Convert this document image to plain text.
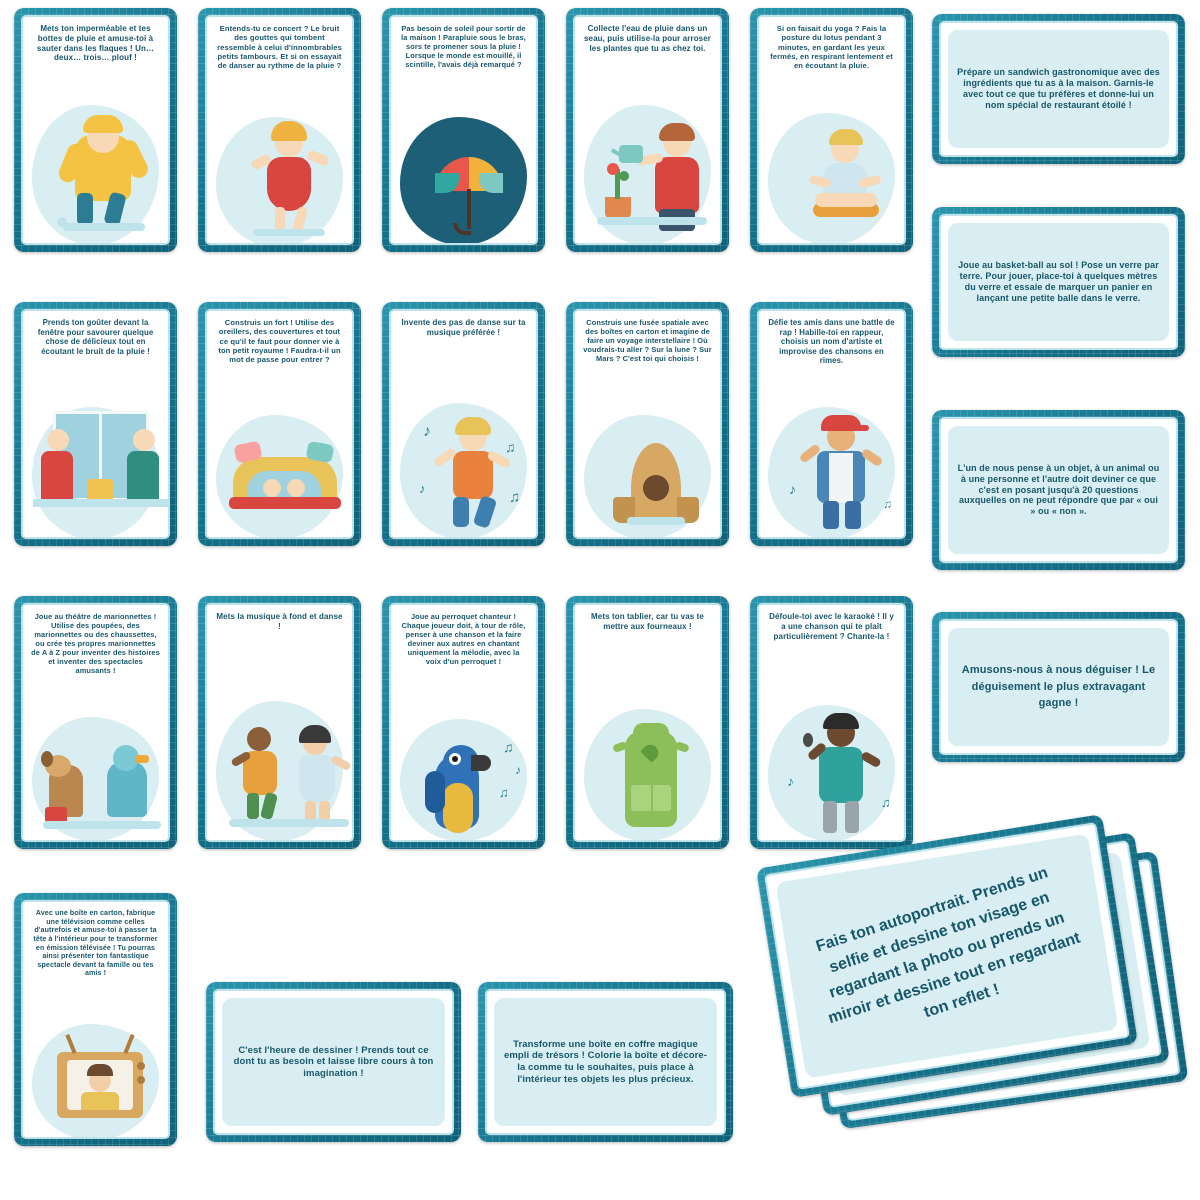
Mets ton imperméable et tes bottes de pluie et amuse-toi à sauter dans les flaques ! Un… deux… trois… plouf !
Entends-tu ce concert ? Le bruit des gouttes qui tombent ressemble à celui d'innombrables petits tambours. Et si on essayait de danser au rythme de la pluie ?
Pas besoin de soleil pour sortir de la maison ! Parapluie sous le bras, sors te promener sous la pluie ! Lorsque le monde est mouillé, il scintille, l'avais déjà remarqué ?
Collecte l'eau de pluie dans un seau, puis utilise-la pour arroser les plantes que tu as chez toi.
Si on faisait du yoga ? Fais la posture du lotus pendant 3 minutes, en gardant les yeux fermés, en respirant lentement et en écoutant la pluie.
Prépare un sandwich gastronomique avec des ingrédients que tu as à la maison. Garnis-le avec tout ce que tu préfères et donne-lui un nom spécial de restaurant étoilé !
Prends ton goûter devant la fenêtre pour savourer quelque chose de délicieux tout en écoutant le bruit de la pluie !
Construis un fort ! Utilise des oreillers, des couvertures et tout ce qu'il te faut pour donner vie à ton petit royaume ! Faudra-t-il un mot de passe pour entrer ?
Invente des pas de danse sur ta musique préférée !
♪
♫
♪
♫
Construis une fusée spatiale avec des boîtes en carton et imagine de faire un voyage interstellaire ! Où voudrais-tu aller ? Sur la lune ? Sur Mars ? C'est toi qui choisis !
Défie tes amis dans une battle de rap ! Habille-toi en rappeur, choisis un nom d'artiste et improvise des chansons en rimes.
♪
♫
Joue au basket-ball au sol ! Pose un verre par terre. Pour jouer, place-toi à quelques mètres du verre et essaie de marquer un panier en lançant une petite balle dans le verre.
L'un de nous pense à un objet, à un animal ou à une personne et l'autre doit deviner ce que c'est en posant jusqu'à 20 questions auxquelles on ne peut répondre que par « oui » ou « non ».
Joue au théâtre de marionnettes ! Utilise des poupées, des marionnettes ou des chaussettes, ou crée tes propres marionnettes de A à Z pour inventer des histoires et inventer des spectacles amusants !
Mets la musique à fond et danse !
Joue au perroquet chanteur ! Chaque joueur doit, à tour de rôle, penser à une chanson et la faire deviner aux autres en chantant uniquement la mélodie, avec la voix d'un perroquet !
♫
♪
♫
Mets ton tablier, car tu vas te mettre aux fourneaux !
Défoule-toi avec le karaoké ! Il y a une chanson qui te plaît particulièrement ? Chante-la !
♪
♫
Amusons-nous à nous déguiser ! Le déguisement le plus extravagant gagne !
Avec une boîte en carton, fabrique une télévision comme celles d'autrefois et amuse-toi à passer ta tête à l'intérieur pour te transformer en émission télévisée ! Tu pourras ainsi présenter ton fantastique spectacle devant ta famille ou tes amis !
C'est l'heure de dessiner ! Prends tout ce dont tu as besoin et laisse libre cours à ton imagination !
Transforme une boîte en coffre magique empli de trésors ! Colorie la boîte et décore-la comme tu le souhaites, puis place à l'intérieur tes objets les plus précieux.
Fais ton autoportrait. Prends un selfie et dessine ton visage en regardant la photo ou prends un miroir et dessine tout en regardant ton reflet !
